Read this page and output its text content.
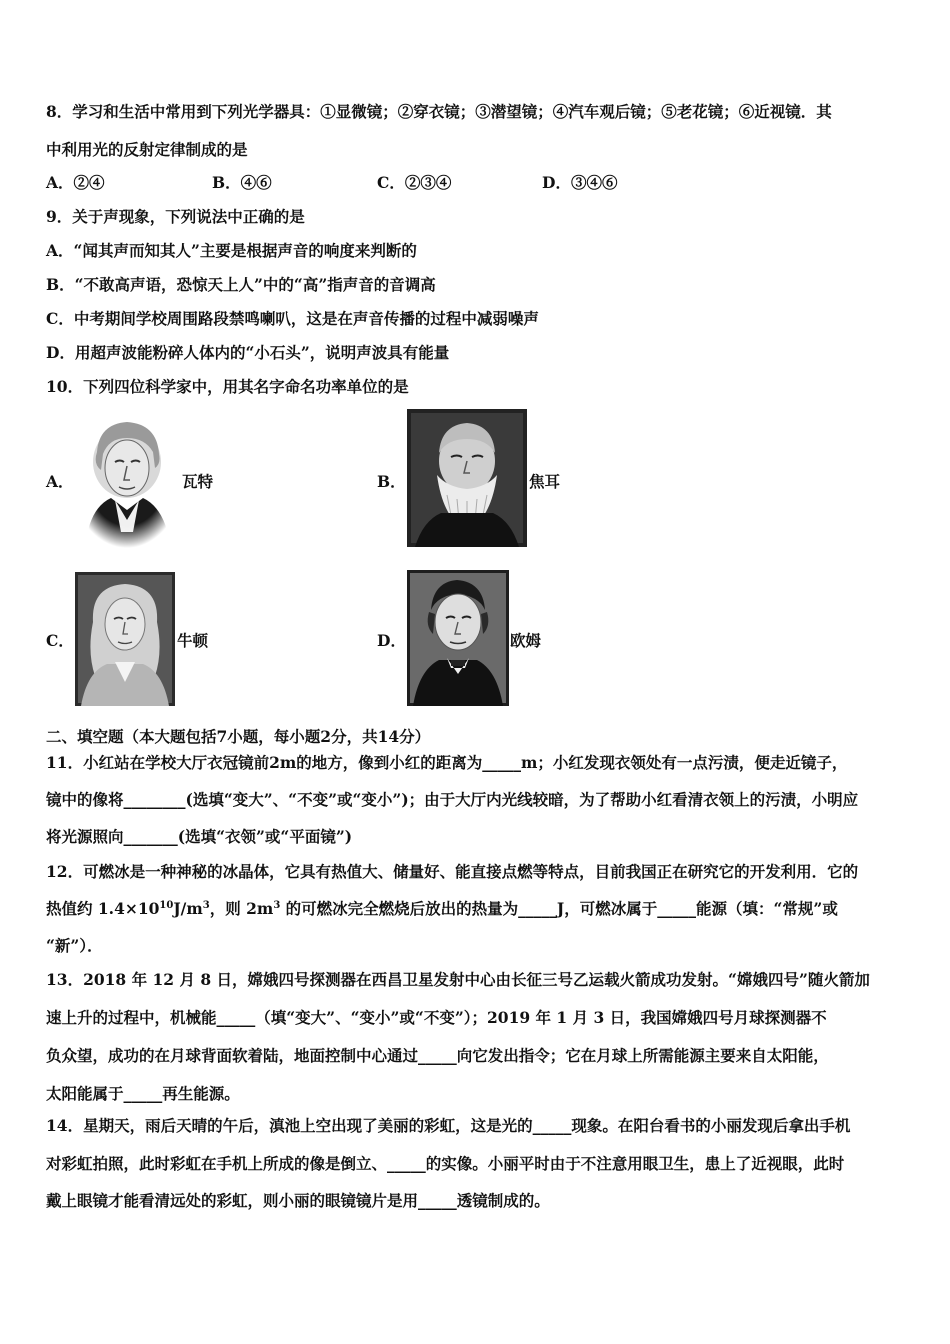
8．学习和生活中常用到下列光学器具：①显微镜；②穿衣镜；③潜望镜；④汽车观后镜；⑤老花镜；⑥近视镜．其
中利用光的反射定律制成的是
A．②④	B．④⑥	C．②③④	D．③④⑥
9．关于声现象，下列说法中正确的是
A．“闻其声而知其人”主要是根据声音的响度来判断的
B．“不敢高声语，恐惊天上人”中的“高”指声音的音调高
C．中考期间学校周围路段禁鸣喇叭，这是在声音传播的过程中减弱噪声
D．用超声波能粉碎人体内的“小石头”，说明声波具有能量
10．下列四位科学家中，用其名字命名功率单位的是
A．	瓦特	B．	焦耳
C．	牛顿	D．	欧姆
二、填空题（本大题包括7小题，每小题2分，共14分）
11．小红站在学校大厅衣冠镜前2m的地方，像到小红的距离为_____m；小红发现衣领处有一点污渍，便走近镜子，
镜中的像将________(选填“变大”、“不变”或“变小”)；由于大厅内光线较暗，为了帮助小红看清衣领上的污渍，小明应
将光源照向_______(选填“衣领”或“平面镜”)
12．可燃冰是一种神秘的冰晶体，它具有热值大、储量好、能直接点燃等特点，目前我国正在研究它的开发利用．它的
热值约 $1.4\times 10^{10}J/m^3$，则 $2m^3$ 的可燃冰完全燃烧后放出的热量为_____J，可燃冰属于_____能源（填：“常规”或
“新”）．
13．2018 年 12 月 8 日，嫦娥四号探测器在西昌卫星发射中心由长征三号乙运载火箭成功发射。“嫦娥四号”随火箭加
速上升的过程中，机械能_____（填“变大”、“变小”或“不变”）；2019 年 1 月 3 日，我国嫦娥四号月球探测器不
负众望，成功的在月球背面软着陆，地面控制中心通过_____向它发出指令；它在月球上所需能源主要来自太阳能，
太阳能属于_____再生能源。
14．星期天，雨后天晴的午后，滇池上空出现了美丽的彩虹，这是光的_____现象。在阳台看书的小丽发现后拿出手机
对彩虹拍照，此时彩虹在手机上所成的像是倒立、_____的实像。小丽平时由于不注意用眼卫生，患上了近视眼，此时
戴上眼镜才能看清远处的彩虹，则小丽的眼镜镜片是用_____透镜制成的。
